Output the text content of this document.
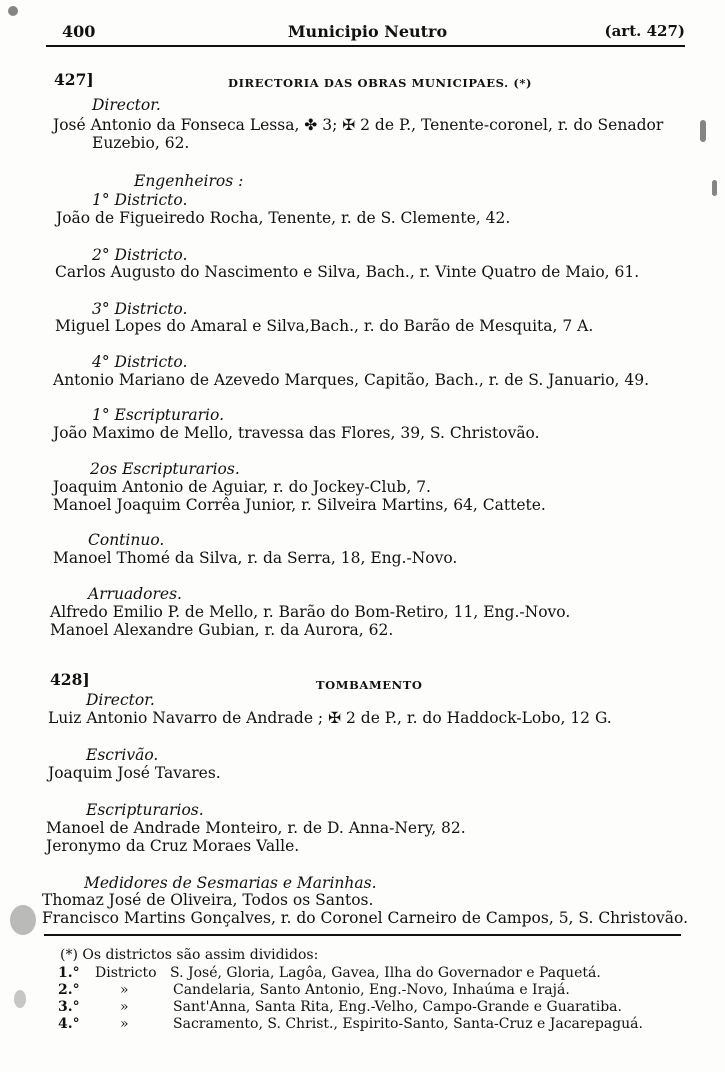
400	Municipio Neutro	(art. 427)
427]	DIRECTORIA DAS OBRAS MUNICIPAES. (*)
Director.
José Antonio da Fonseca Lessa, ✤ 3; ✠ 2 de P., Tenente-coronel, r. do Senador
Euzebio, 62.
Engenheiros :
1° Districto.
João de Figueiredo Rocha, Tenente, r. de S. Clemente, 42.
2° Districto.
Carlos Augusto do Nascimento e Silva, Bach., r. Vinte Quatro de Maio, 61.
3° Districto.
Miguel Lopes do Amaral e Silva,Bach., r. do Barão de Mesquita, 7 A.
4° Districto.
Antonio Mariano de Azevedo Marques, Capitão, Bach., r. de S. Januario, 49.
1° Escripturario.
João Maximo de Mello, travessa das Flores, 39, S. Christovão.
2os Escripturarios.
Joaquim Antonio de Aguiar, r. do Jockey-Club, 7.
Manoel Joaquim Corrêa Junior, r. Silveira Martins, 64, Cattete.
Continuo.
Manoel Thomé da Silva, r. da Serra, 18, Eng.-Novo.
Arruadores.
Alfredo Emilio P. de Mello, r. Barão do Bom-Retiro, 11, Eng.-Novo.
Manoel Alexandre Gubian, r. da Aurora, 62.
428]	TOMBAMENTO
Director.
Luiz Antonio Navarro de Andrade ; ✠ 2 de P., r. do Haddock-Lobo, 12 G.
Escrivão.
Joaquim José Tavares.
Escripturarios.
Manoel de Andrade Monteiro, r. de D. Anna-Nery, 82.
Jeronymo da Cruz Moraes Valle.
Medidores de Sesmarias e Marinhas.
Thomaz José de Oliveira, Todos os Santos.
Francisco Martins Gonçalves, r. do Coronel Carneiro de Campos, 5, S. Christovão.
(*) Os districtos são assim divididos:
1.° Districto S. José, Gloria, Lagôa, Gavea, Ilha do Governador e Paquetá.
2.°	»	Candelaria, Santo Antonio, Eng.-Novo, Inhaúma e Irajá.
3.°	»	Sant'Anna, Santa Rita, Eng.-Velho, Campo-Grande e Guaratiba.
4.°	»	Sacramento, S. Christ., Espirito-Santo, Santa-Cruz e Jacarepaguá.
